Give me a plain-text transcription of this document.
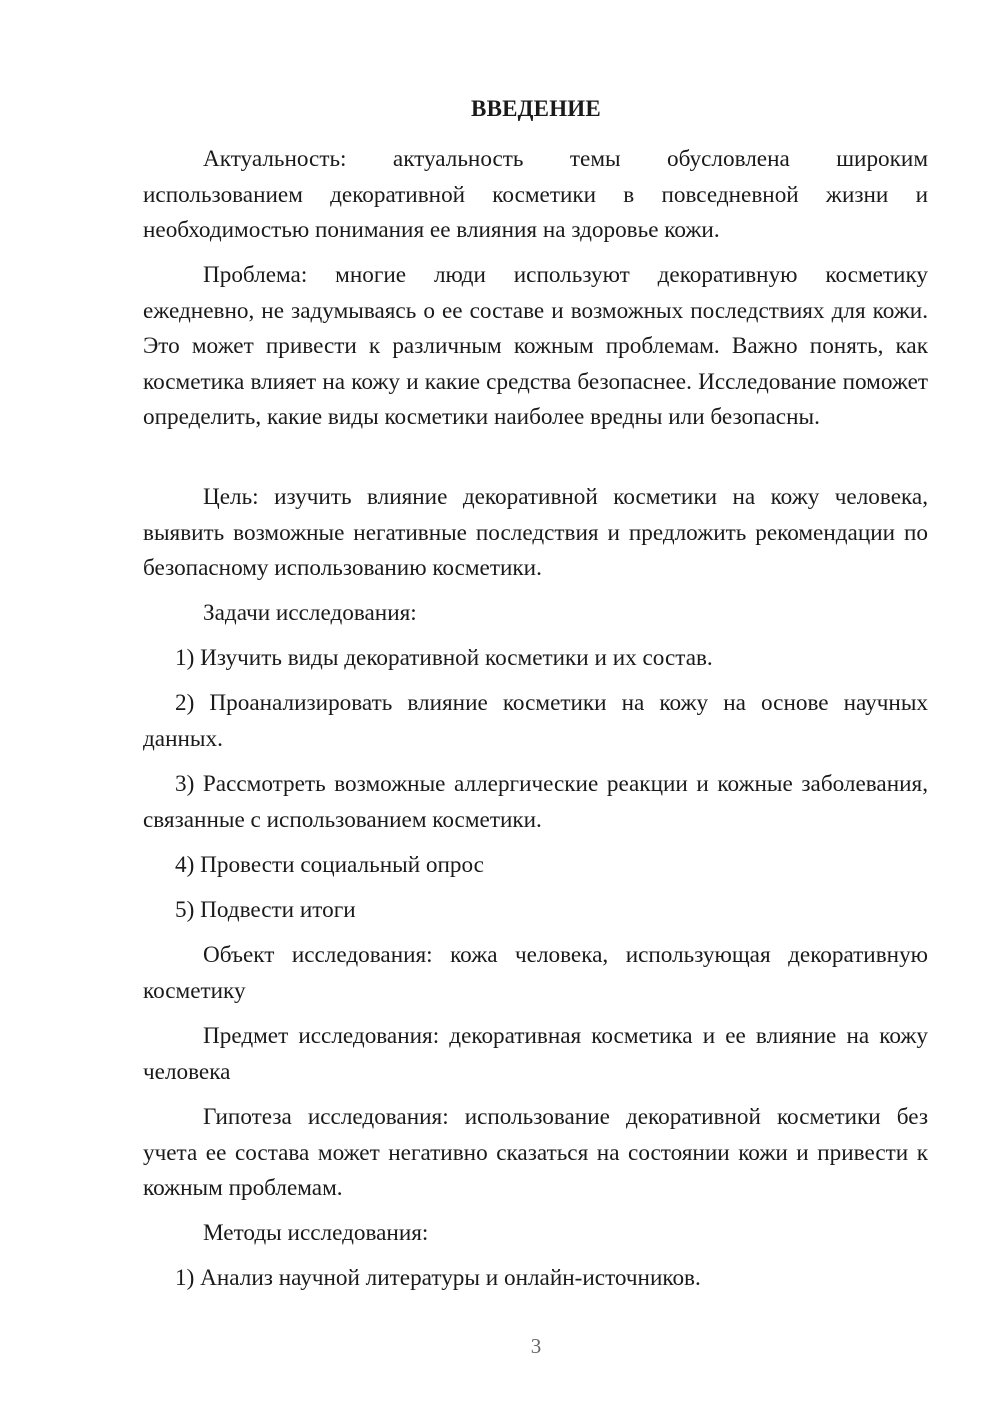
ВВЕДЕНИЕ

Актуальность: актуальность темы обусловлена широким использованием декоративной косметики в повседневной жизни и необходимостью понимания ее влияния на здоровье кожи.

Проблема: многие люди используют декоративную косметику ежедневно, не задумываясь о ее составе и возможных последствиях для кожи. Это может привести к различным кожным проблемам. Важно понять, как косметика влияет на кожу и какие средства безопаснее. Исследование поможет определить, какие виды косметики наиболее вредны или безопасны.

Цель: изучить влияние декоративной косметики на кожу человека, выявить возможные негативные последствия и предложить рекомендации по безопасному использованию косметики.

Задачи исследования:

1) Изучить виды декоративной косметики и их состав.

2) Проанализировать влияние косметики на кожу на основе научных данных.

3) Рассмотреть возможные аллергические реакции и кожные заболевания, связанные с использованием косметики.

4) Провести социальный опрос

5) Подвести итоги

Объект исследования: кожа человека, использующая декоративную косметику

Предмет исследования: декоративная косметика и ее влияние на кожу человека

Гипотеза исследования: использование декоративной косметики без учета ее состава может негативно сказаться на состоянии кожи и привести к кожным проблемам.

Методы исследования:

1) Анализ научной литературы и онлайн-источников.

3
